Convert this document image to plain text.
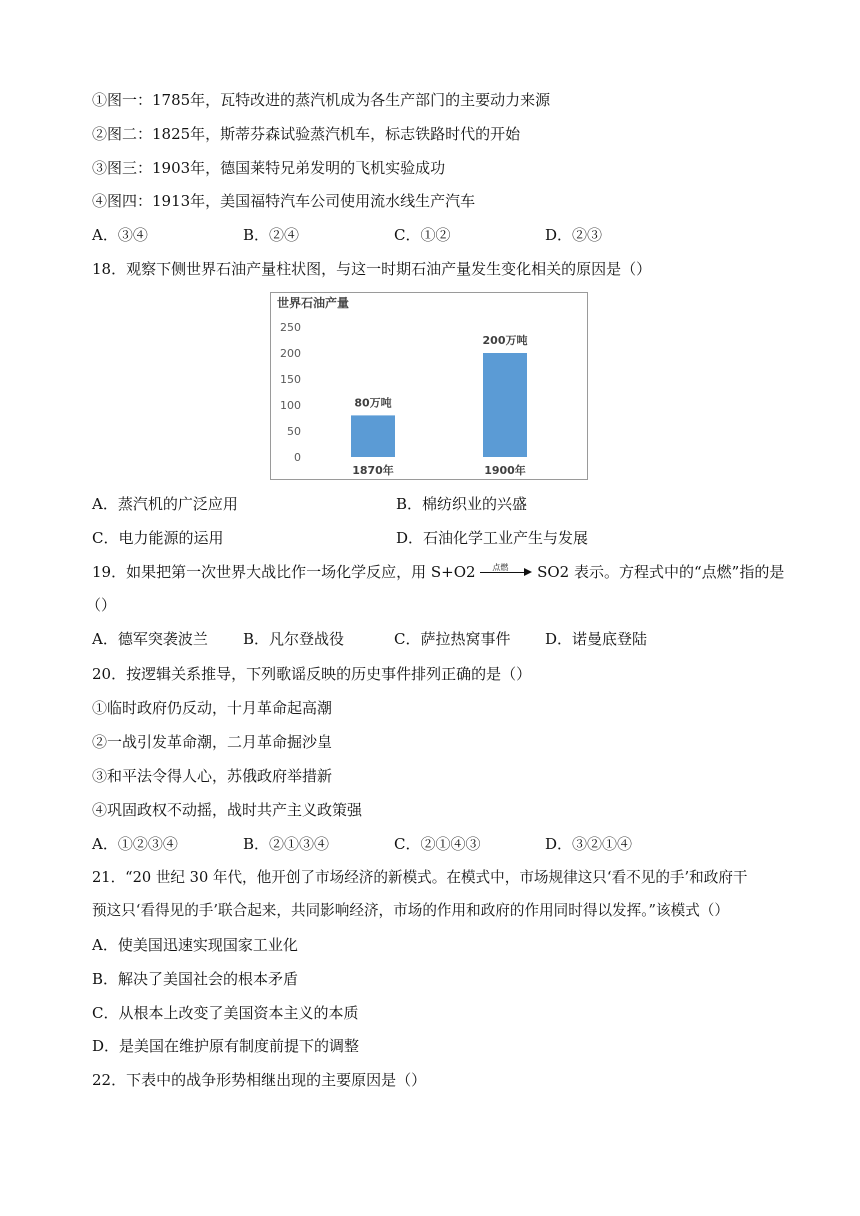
①图一：1785年，瓦特改进的蒸汽机成为各生产部门的主要动力来源
②图二：1825年，斯蒂芬森试验蒸汽机车，标志铁路时代的开始
③图三：1903年，德国莱特兄弟发明的飞机实验成功
④图四：1913年，美国福特汽车公司使用流水线生产汽车
A．③④	B．②④	C．①②	D．②③
18．观察下侧世界石油产量柱状图，与这一时期石油产量发生变化相关的原因是（）
世界石油产量
0
50
100
150
200
250
80万吨
1870年
200万吨
1900年
A．蒸汽机的广泛应用	B．棉纺织业的兴盛
C．电力能源的运用	D．石油化学工业产生与发展
19．如果把第一次世界大战比作一场化学反应，用 S+O2 点燃 SO2 表示。方程式中的“点燃”指的是
（）
A．德军突袭波兰 B．凡尔登战役	C．萨拉热窝事件 D．诺曼底登陆
20．按逻辑关系推导，下列歌谣反映的历史事件排列正确的是（）
①临时政府仍反动，十月革命起高潮
②一战引发革命潮，二月革命掘沙皇
③和平法令得人心，苏俄政府举措新
④巩固政权不动摇，战时共产主义政策强
A．①②③④	B．②①③④	C．②①④③	D．③②①④
21．“20 世纪 30 年代，他开创了市场经济的新模式。在模式中，市场规律这只‘看不见的手’和政府干
预这只‘看得见的手’联合起来，共同影响经济，市场的作用和政府的作用同时得以发挥。”该模式（）
A．使美国迅速实现国家工业化
B．解决了美国社会的根本矛盾
C．从根本上改变了美国资本主义的本质
D．是美国在维护原有制度前提下的调整
22．下表中的战争形势相继出现的主要原因是（）
